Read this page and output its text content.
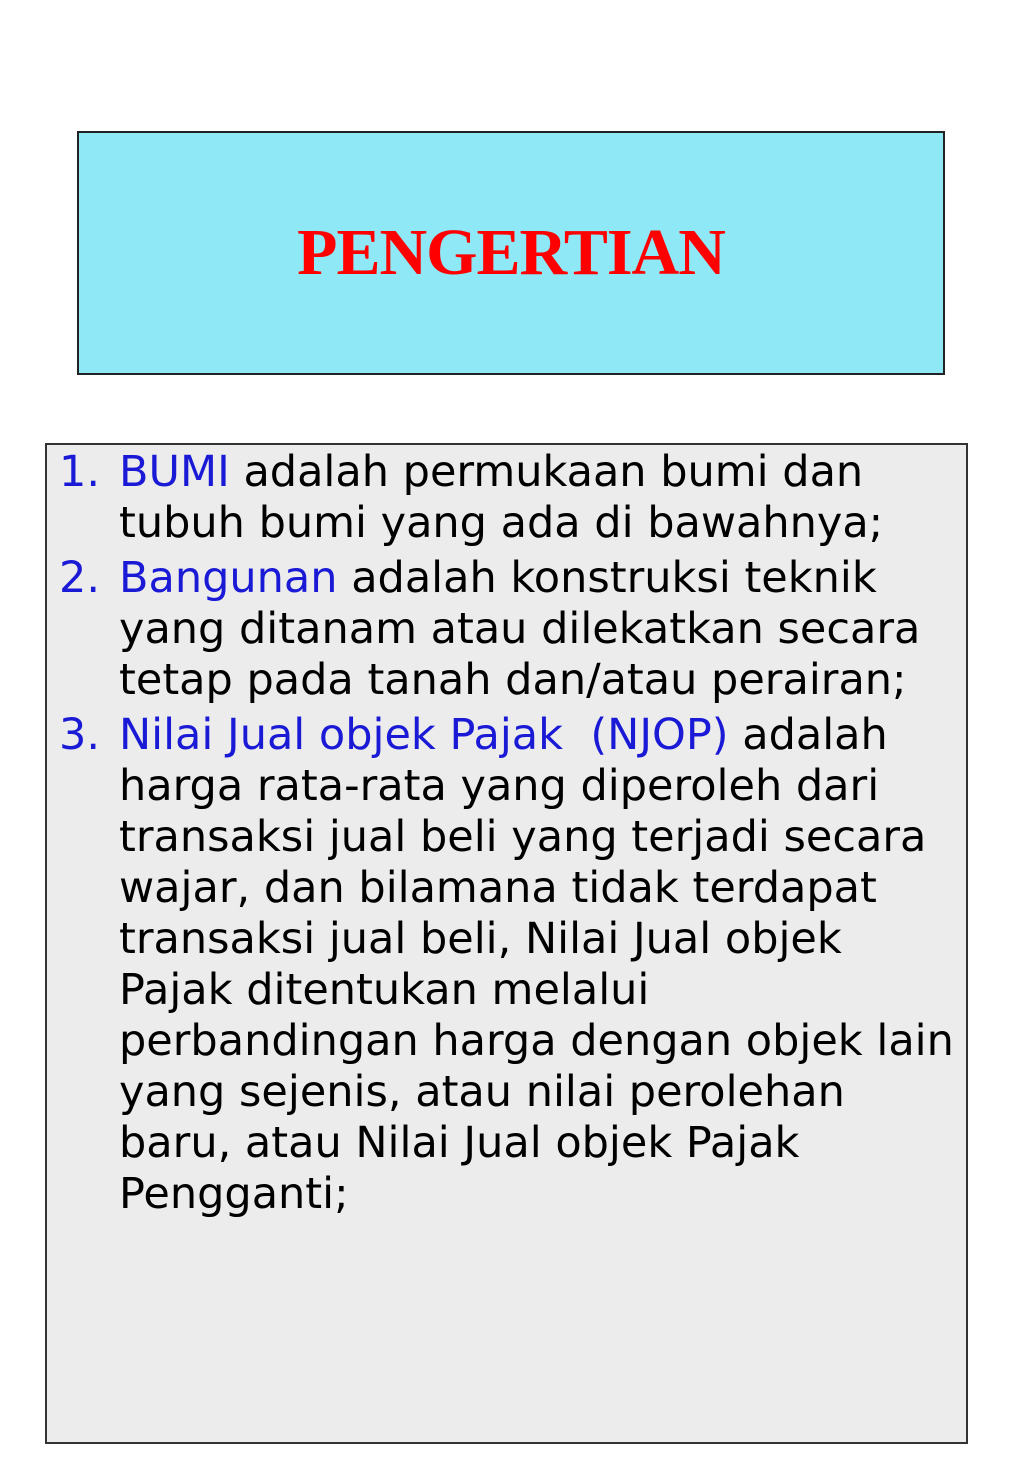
PENGERTIAN
1. BUMI adalah permukaan bumi dan tubuh bumi yang ada di bawahnya;
2. Bangunan adalah konstruksi teknik yang ditanam atau dilekatkan secara tetap pada tanah dan/atau perairan;
3. Nilai Jual objek Pajak  (NJOP) adalah harga rata-rata yang diperoleh dari transaksi jual beli yang terjadi secara wajar, dan bilamana tidak terdapat transaksi jual beli, Nilai Jual objek Pajak ditentukan melalui perbandingan harga dengan objek lain yang sejenis, atau nilai perolehan baru, atau Nilai Jual objek Pajak Pengganti;
